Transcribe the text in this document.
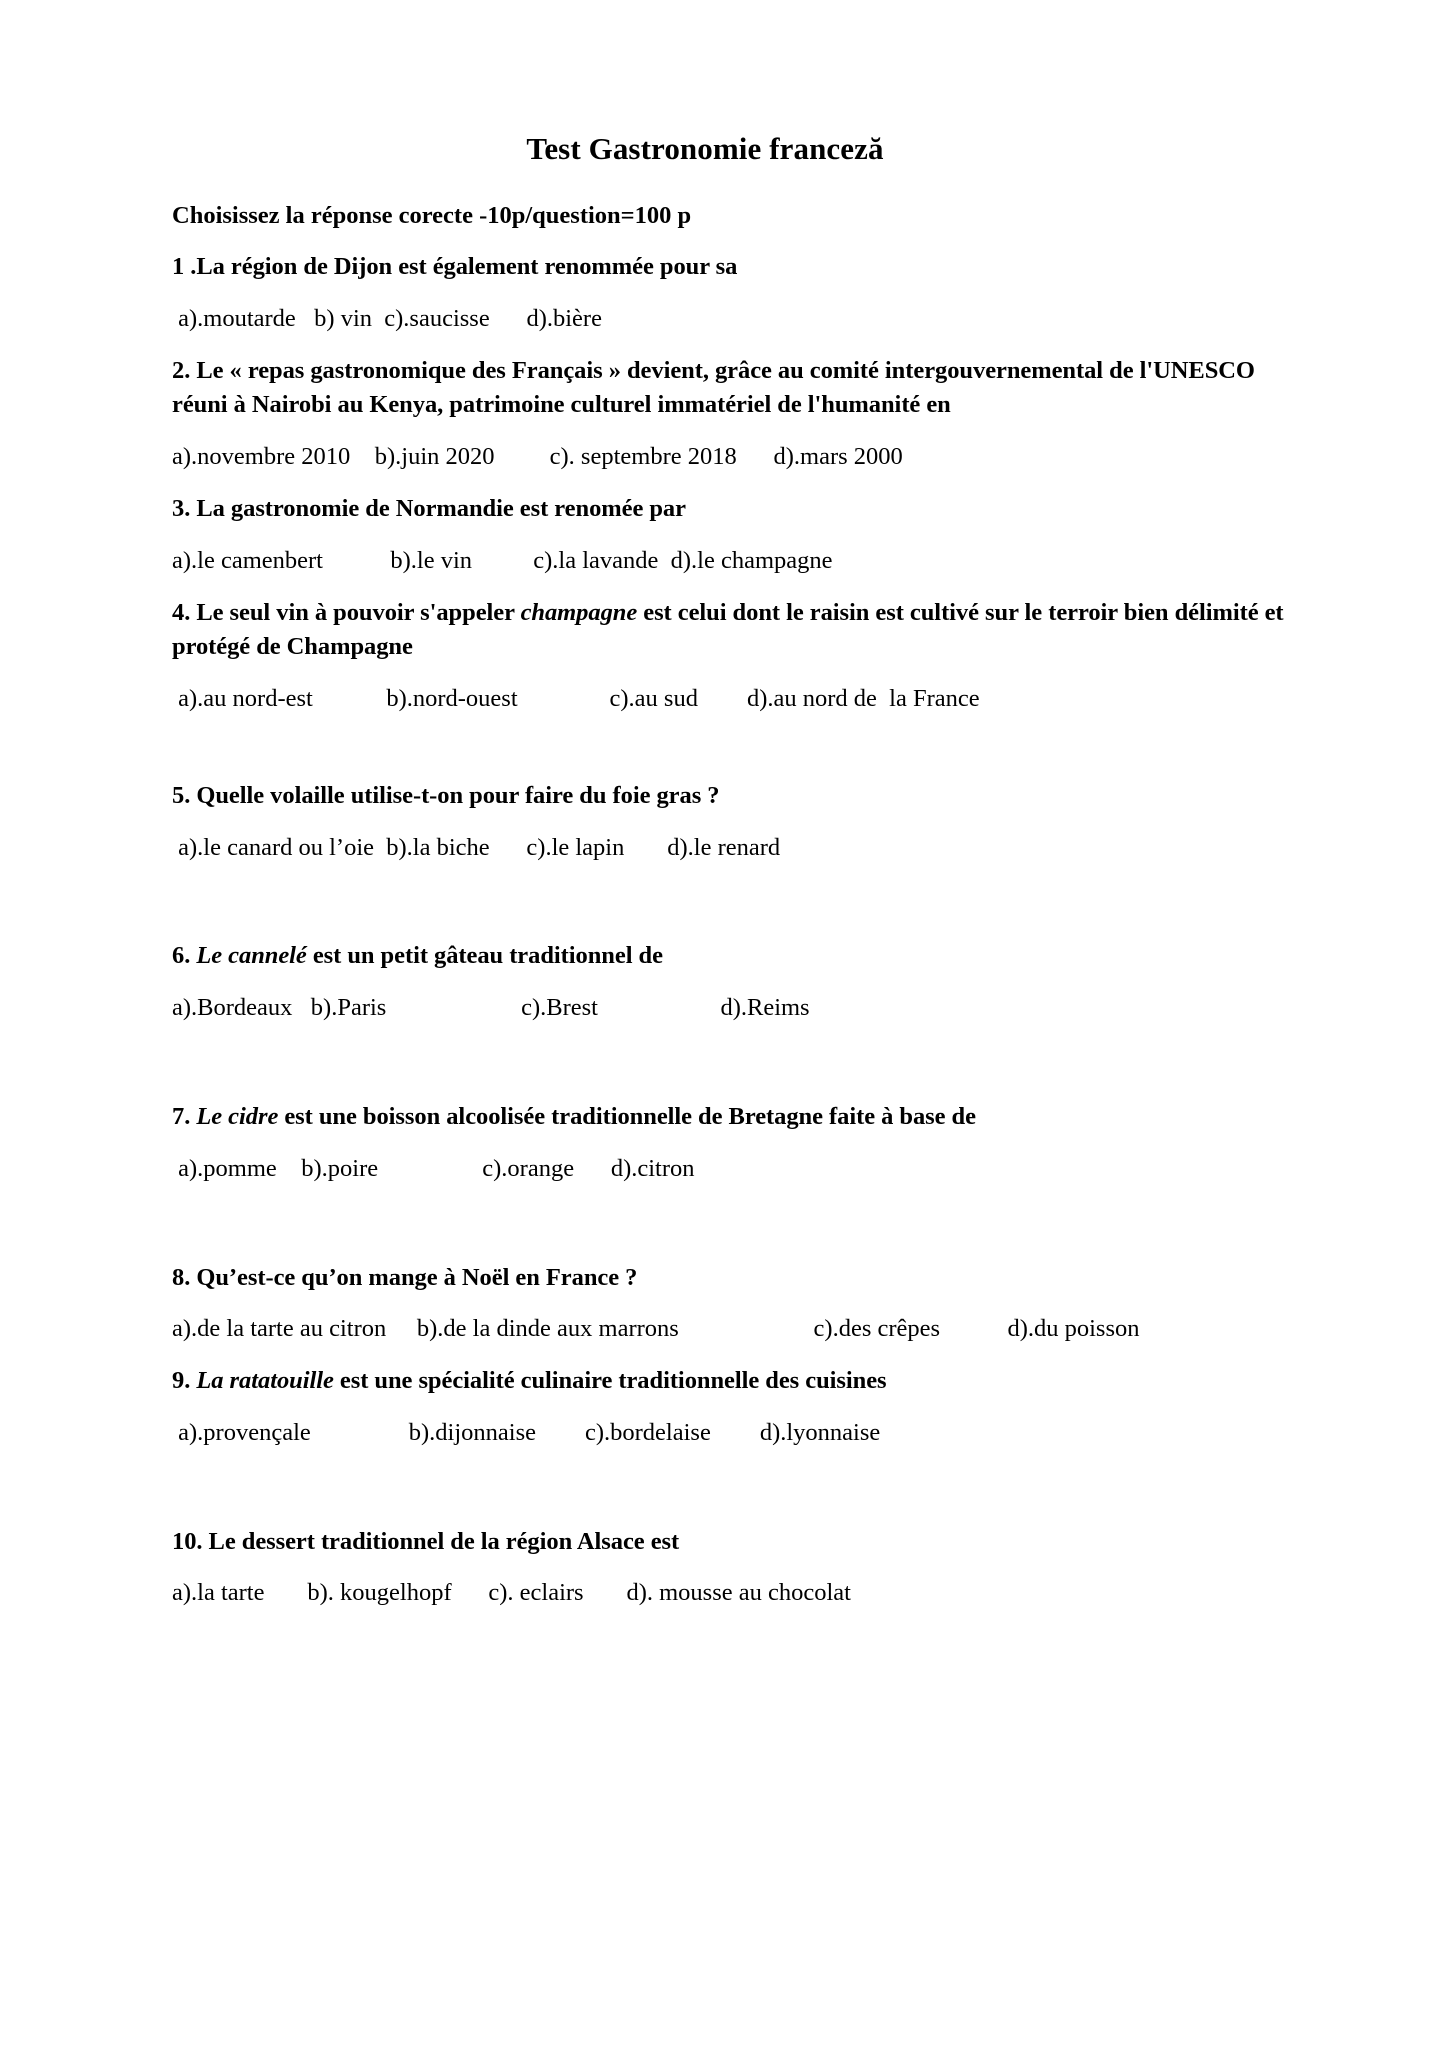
Test Gastronomie franceză

Choisissez la réponse corecte -10p/question=100 p

1 .La région de Dijon est également renommée pour sa

a).moutarde   b) vin  c).saucisse      d).bière

2. Le « repas gastronomique des Français » devient, grâce au comité intergouvernemental de l'UNESCO réuni à Nairobi au Kenya, patrimoine culturel immatériel de l'humanité en

a).novembre 2010    b).juin 2020         c). septembre 2018      d).mars 2000

3. La gastronomie de Normandie est renomée par

a).le camenbert           b).le vin          c).la lavande  d).le champagne

4. Le seul vin à pouvoir s'appeler champagne est celui dont le raisin est cultivé sur le terroir bien délimité et protégé de Champagne

a).au nord-est            b).nord-ouest               c).au sud        d).au nord de  la France

5. Quelle volaille utilise-t-on pour faire du foie gras ?

a).le canard ou l’oie  b).la biche      c).le lapin       d).le renard

6. Le cannelé est un petit gâteau traditionnel de

a).Bordeaux   b).Paris                      c).Brest                    d).Reims

7. Le cidre est une boisson alcoolisée traditionnelle de Bretagne faite à base de

a).pomme    b).poire                 c).orange      d).citron

8. Qu’est-ce qu’on mange à Noël en France ?

a).de la tarte au citron     b).de la dinde aux marrons                      c).des crêpes           d).du poisson

9. La ratatouille est une spécialité culinaire traditionnelle des cuisines

a).provençale                b).dijonnaise        c).bordelaise        d).lyonnaise

10. Le dessert traditionnel de la région Alsace est

a).la tarte       b). kougelhopf      c). eclairs       d). mousse au chocolat
